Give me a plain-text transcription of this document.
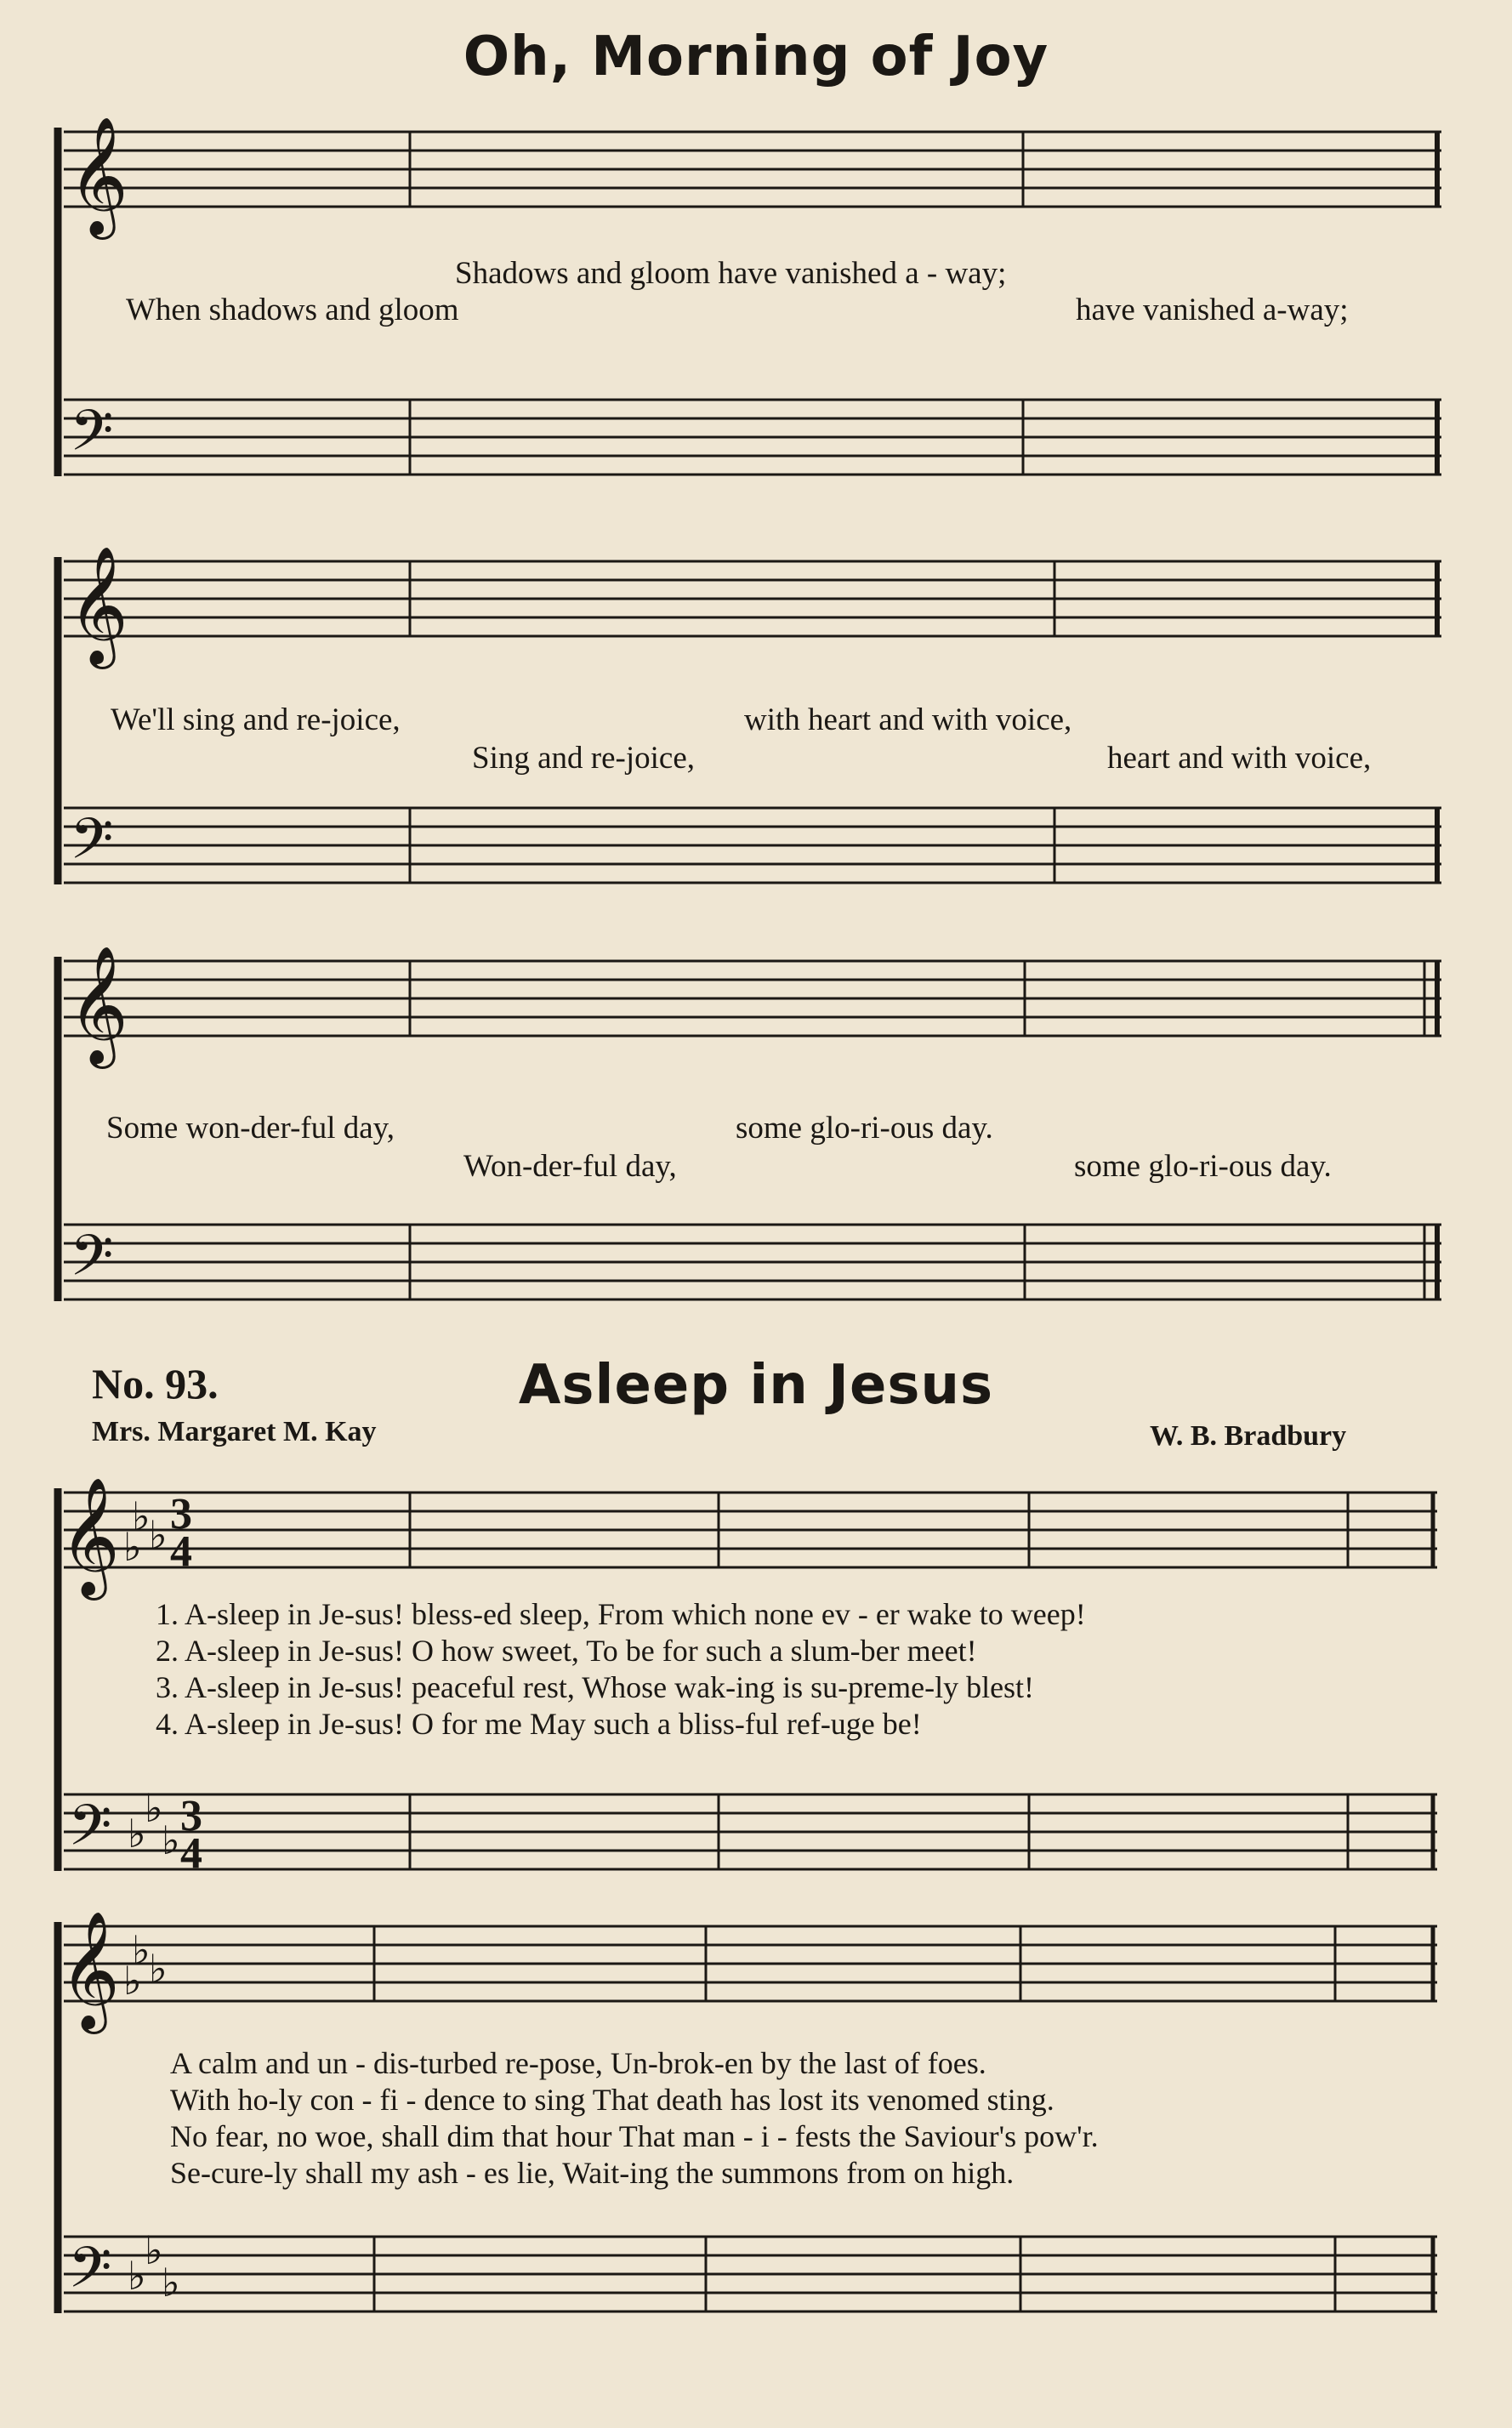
Oh, Morning of Joy
𝄞
Shadows and gloom have vanished a - way;
When shadows and gloom	have vanished a-way;
𝄢
𝄞
We'll sing and re-joice,	with heart and with voice,
Sing and re-joice,	heart and with voice,
𝄢
𝄞
Some won-der-ful day,	some glo-ri-ous day.
Won-der-ful day,	some glo-ri-ous day.
𝄢
No. 93.	Asleep in Jesus
Mrs. Margaret M. Kay	W. B. Bradbury
𝄞 ♭
♭
♭
3
4
1. A-sleep in Je-sus! bless-ed sleep, From which none ev - er wake to weep!
2. A-sleep in Je-sus! O how sweet, To be for such a slum-ber meet!
3. A-sleep in Je-sus! peaceful rest, Whose wak-ing is su-preme-ly blest!
4. A-sleep in Je-sus! O for me May such a bliss-ful ref-uge be!
𝄢 ♭
♭
♭ 3
4
𝄞 ♭
♭
♭
A calm and un - dis-turbed re-pose, Un-brok-en by the last of foes.
With ho-ly con - fi - dence to sing That death has lost its venomed sting.
No fear, no woe, shall dim that hour That man - i - fests the Saviour's pow'r.
Se-cure-ly shall my ash - es lie, Wait-ing the summons from on high.
𝄢 ♭
♭
♭
